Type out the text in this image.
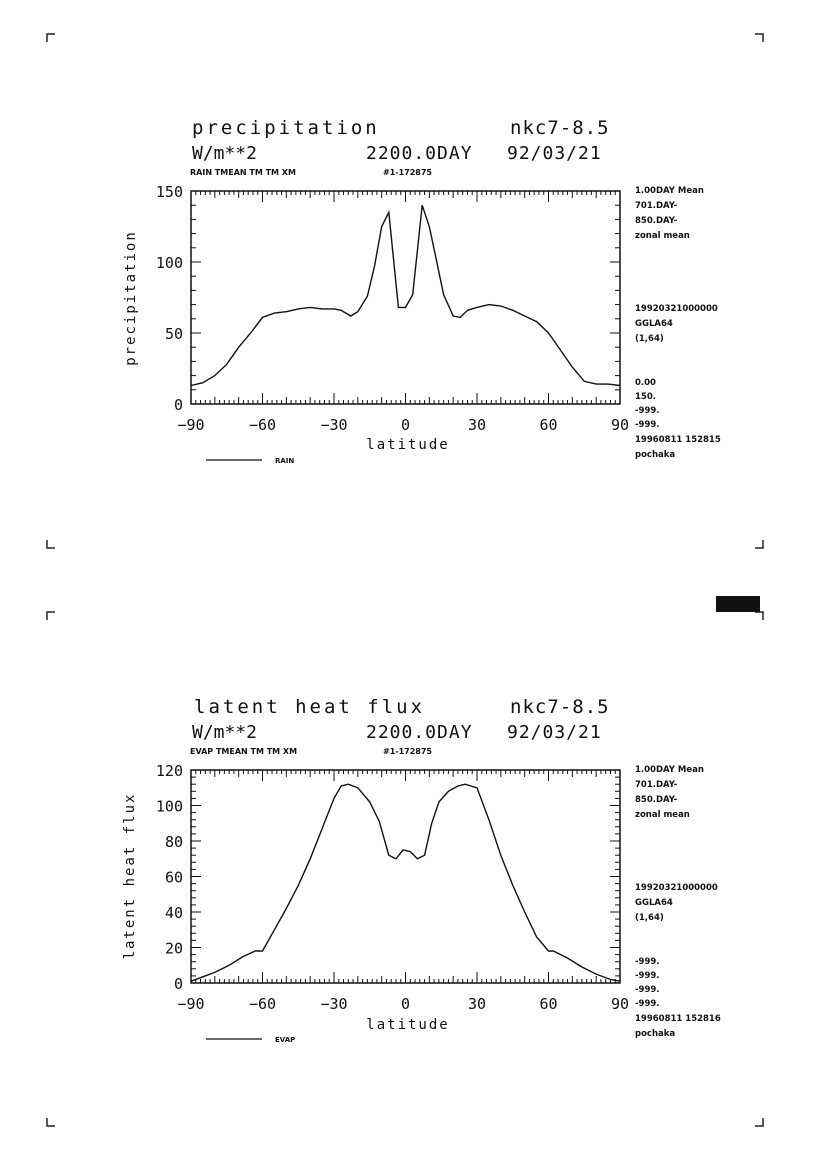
precipitation	nkc7-8.5
W/m**2	2200.0DAY 92/03/21
RAIN TMEAN TM TM XM	#1-172875
−90	−60	−30	0	30	60	90
0
50
100
150
latitude
precipitation
RAIN
1.00DAY Mean
701.DAY-
850.DAY-
zonal mean
19920321000000
GGLA64
(1,64)
0.00
150.
-999.
-999.
19960811 152815
pochaka
latent heat flux	nkc7-8.5
W/m**2	2200.0DAY 92/03/21
EVAP TMEAN TM TM XM	#1-172875
−90	−60	−30	0	30	60	90
0
20
40
60
80
100
120
latitude
latent heat flux
EVAP
1.00DAY Mean
701.DAY-
850.DAY-
zonal mean
19920321000000
GGLA64
(1,64)
-999.
-999.
-999.
-999.
19960811 152816
pochaka
